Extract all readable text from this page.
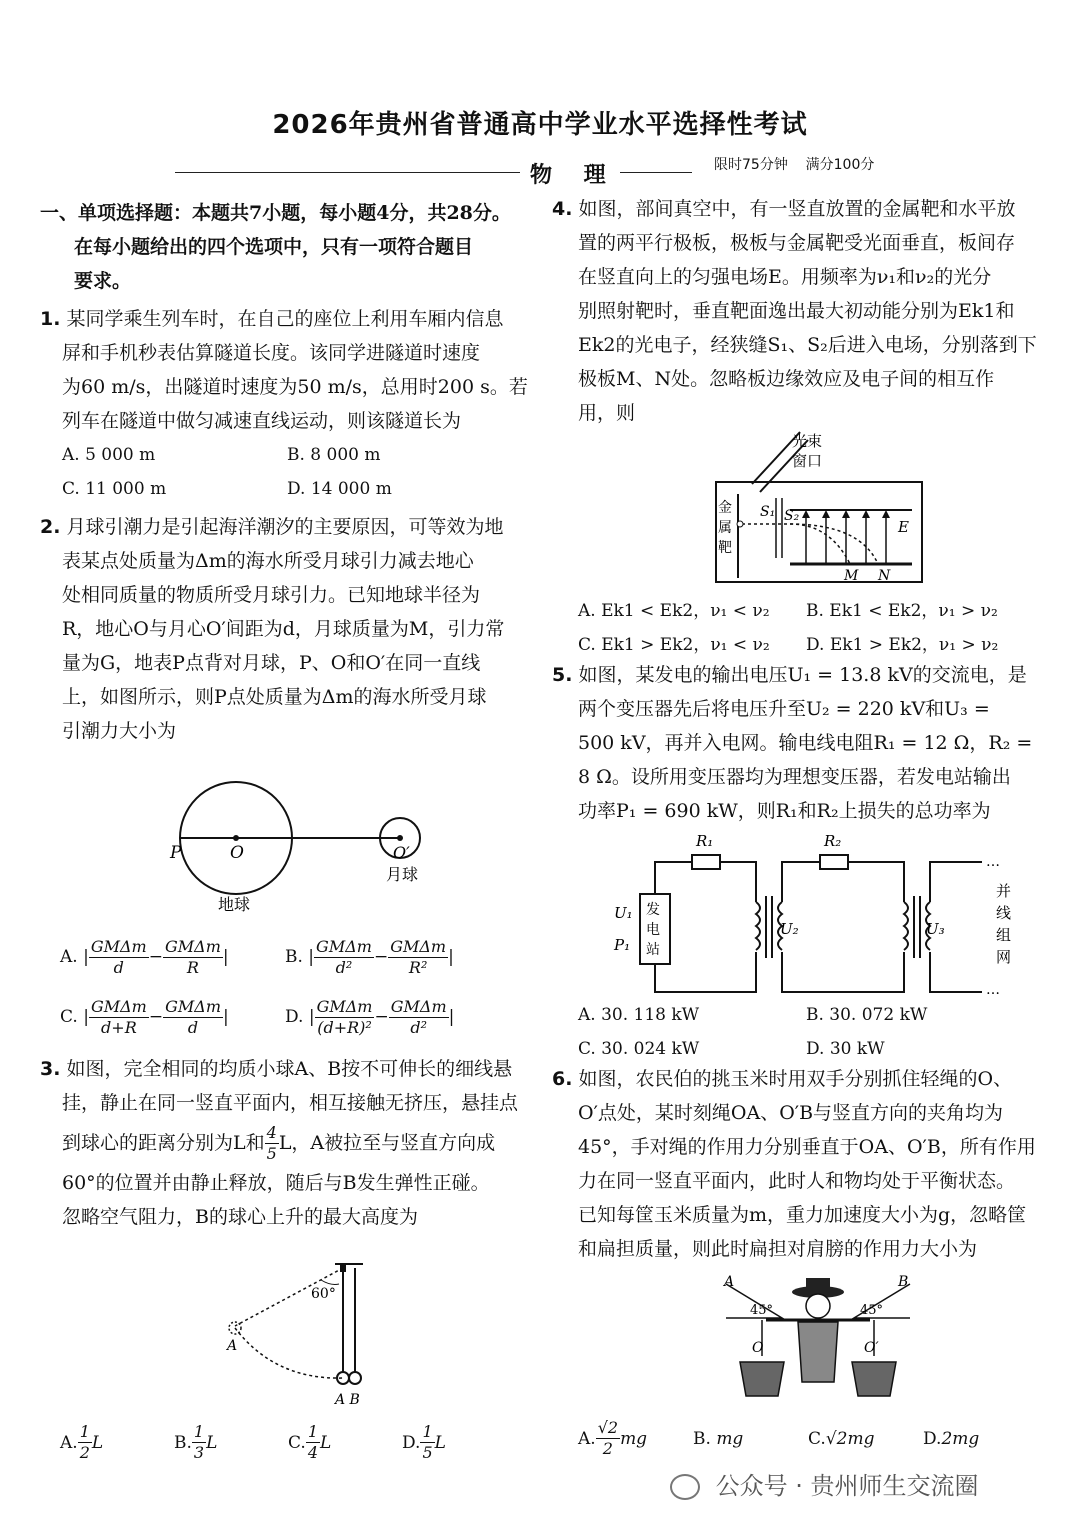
2026年贵州省普通高中学业水平选择性考试
物 理	限时75分钟 满分100分
一、单项选择题：本题共7小题，每小题4分，共28分。
在每小题给出的四个选项中，只有一项符合题目
要求。
1. 某同学乘生列车时，在自己的座位上利用车厢内信息
屏和手机秒表估算隧道长度。该同学进隧道时速度
为60 m/s，出隧道时速度为50 m/s，总用时200 s。若
列车在隧道中做匀减速直线运动，则该隧道长为
A. 5 000 m	B. 8 000 m
C. 11 000 m	D. 14 000 m
2. 月球引潮力是引起海洋潮汐的主要原因，可等效为地
表某点处质量为Δm的海水所受月球引力减去地心
处相同质量的物质所受月球引力。已知地球半径为
R，地心O与月心O′间距为d，月球质量为M，引力常
量为G，地表P点背对月球，P、O和O′在同一直线
上，如图所示，则P点处质量为Δm的海水所受月球
引潮力大小为
P	O	O′
月球
地球
A. | $\frac{\text{GMΔm}}{d} - \frac{\text{GMΔm}}{R}$ |	B. | $\frac{\text{GMΔm}}{\text{d²}} - \frac{\text{GMΔm}}{\text{R²}}$ |
C. | $\frac{\text{GMΔm}}{d+R} - \frac{\text{GMΔm}}{d}$ |	D. | $\frac{\text{GMΔm}}{\text{(d+R)²}} - \frac{\text{GMΔm}}{\text{d²}}$ |
3. 如图，完全相同的均质小球A、B按不可伸长的细线悬
挂，静止在同一竖直平面内，相互接触无挤压，悬挂点
到球心的距离分别为L和 $\frac{4}{5}$ L，A被拉至与竖直方向成
60°的位置并由静止释放，随后与B发生弹性正碰。
忽略空气阻力，B的球心上升的最大高度为
60°
A
A B
A. $\frac{1}{2}$ L	B. $\frac{1}{3}$ L	C. $\frac{1}{4}$ L	D. $\frac{1}{5}$ L
4. 如图，部间真空中，有一竖直放置的金属靶和水平放
置的两平行极板，极板与金属靶受光面垂直，板间存
在竖直向上的匀强电场E。用频率为ν₁和ν₂的光分
别照射靶时，垂直靶面逸出最大初动能分别为Ek1和
Ek2的光电子，经狭缝S₁、S₂后进入电场，分别落到下
极板M、N处。忽略板边缘效应及电子间的相互作
用，则
光束
窗口
金
属
靶
S₁ S₂
E
M N
A. Ek1 < Ek2，ν₁ < ν₂	B. Ek1 < Ek2，ν₁ > ν₂
C. Ek1 > Ek2，ν₁ < ν₂	D. Ek1 > Ek2，ν₁ > ν₂
5. 如图，某发电的输出电压U₁ = 13.8 kV的交流电，是
两个变压器先后将电压升至U₂ = 220 kV和U₃ =
500 kV，再并入电网。输电线电阻R₁ = 12 Ω，R₂ =
8 Ω。设所用变压器均为理想变压器，若发电站输出
功率P₁ = 690 kW，则R₁和R₂上损失的总功率为
发
电
站
…
…
并
线
组
网
R₁	R₂
U₁
P₁
U₂	U₃
A. 30. 118 kW	B. 30. 072 kW
C. 30. 024 kW	D. 30 kW
6. 如图，农民伯的挑玉米时用双手分别抓住轻绳的O、
O′点处，某时刻绳OA、O′B与竖直方向的夹角均为
45°，手对绳的作用力分别垂直于OA、O′B，所有作用
力在同一竖直平面内，此时人和物均处于平衡状态。
已知每筐玉米质量为m，重力加速度大小为g，忽略筐
和扁担质量，则此时扁担对肩膀的作用力大小为
A	B
45°	45°
O	O′
A. $\frac{√2}{2}$ mg	B. mg	C.√2mg	D.2mg
公众号 · 贵州师生交流圈
